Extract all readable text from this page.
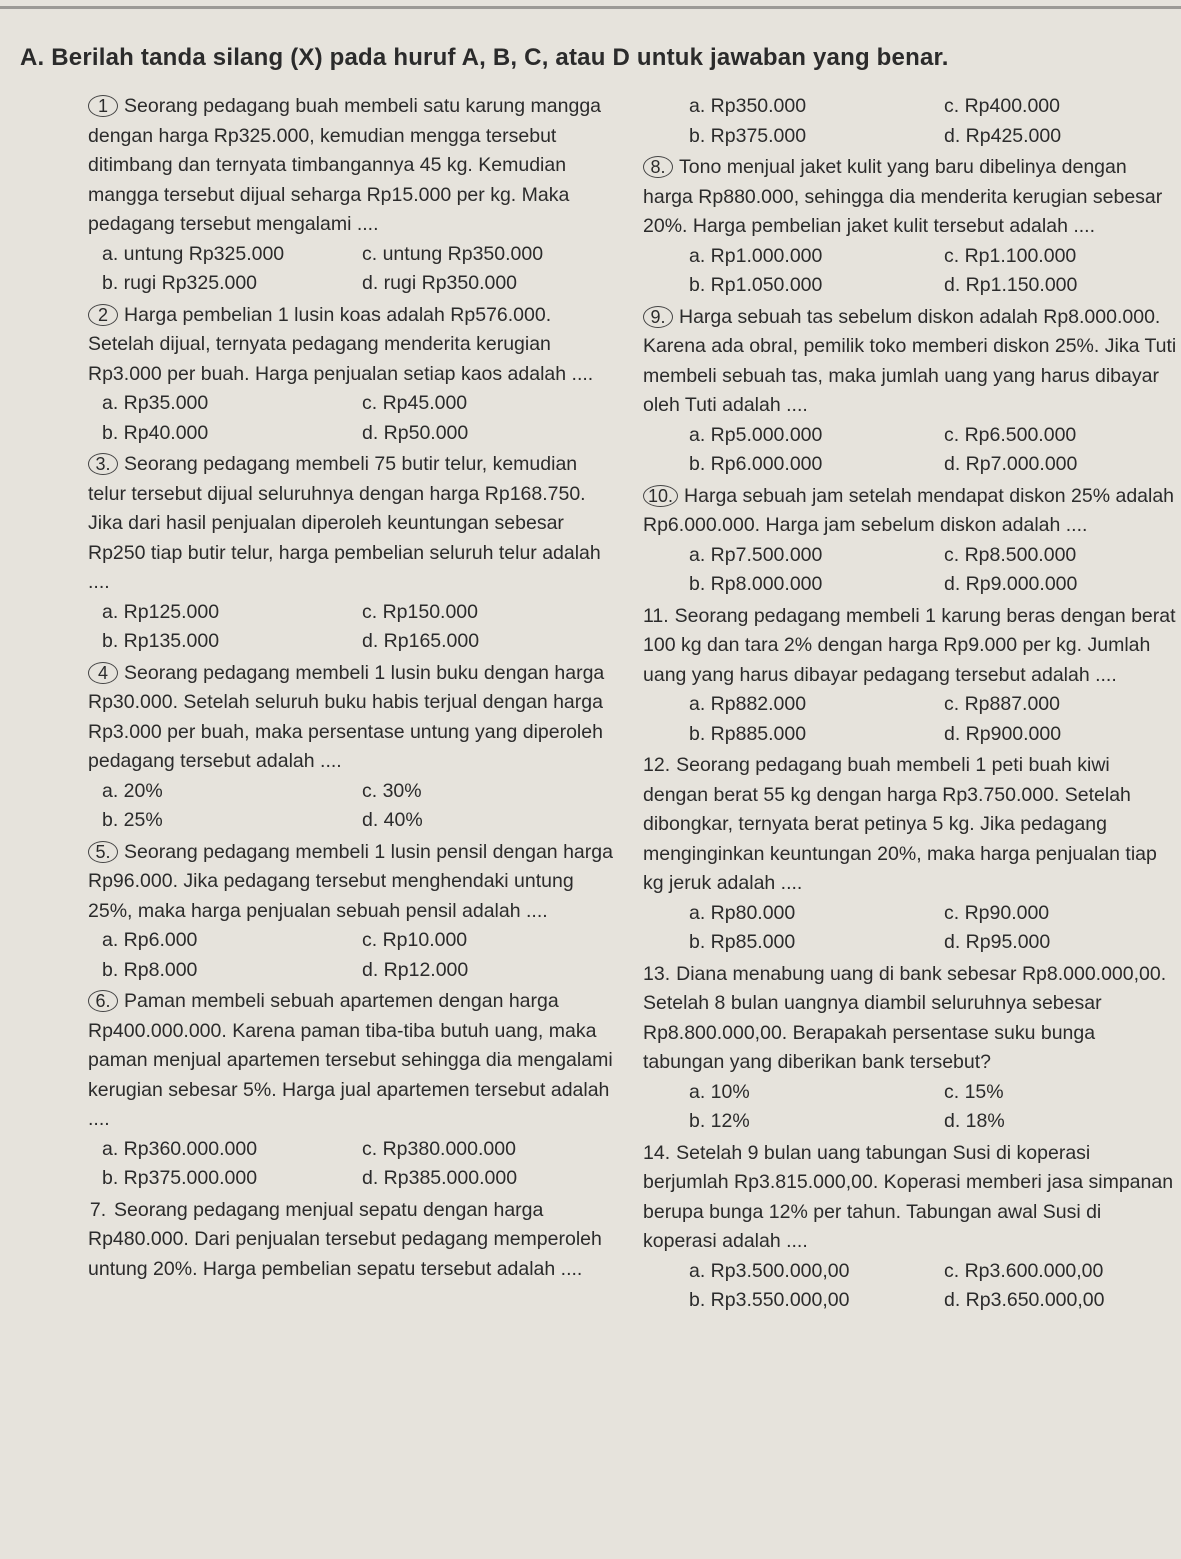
A. Berilah tanda silang (X) pada huruf A, B, C, atau D untuk jawaban yang benar.
1 Seorang pedagang buah membeli satu karung mangga dengan harga Rp325.000, kemudian mengga tersebut ditimbang dan ternyata timbangannya 45 kg. Kemudian mangga tersebut dijual seharga Rp15.000 per kg. Maka pedagang tersebut mengalami ....
a. untung Rp325.000	c. untung Rp350.000
b. rugi Rp325.000	d. rugi Rp350.000
2 Harga pembelian 1 lusin koas adalah Rp576.000. Setelah dijual, ternyata pedagang menderita kerugian Rp3.000 per buah. Harga penjualan setiap kaos adalah ....
a. Rp35.000	c. Rp45.000
b. Rp40.000	d. Rp50.000
3. Seorang pedagang membeli 75 butir telur, kemudian telur tersebut dijual seluruhnya dengan harga Rp168.750. Jika dari hasil penjualan diperoleh keuntungan sebesar Rp250 tiap butir telur, harga pembelian seluruh telur adalah ....
a. Rp125.000	c. Rp150.000
b. Rp135.000	d. Rp165.000
4 Seorang pedagang membeli 1 lusin buku dengan harga Rp30.000. Setelah seluruh buku habis terjual dengan harga Rp3.000 per buah, maka persentase untung yang diperoleh pedagang tersebut adalah ....
a. 20%	c. 30%
b. 25%	d. 40%
5. Seorang pedagang membeli 1 lusin pensil dengan harga Rp96.000. Jika pedagang tersebut menghendaki untung 25%, maka harga penjualan sebuah pensil adalah ....
a. Rp6.000	c. Rp10.000
b. Rp8.000	d. Rp12.000
6. Paman membeli sebuah apartemen dengan harga Rp400.000.000. Karena paman tiba-tiba butuh uang, maka paman menjual apartemen tersebut sehingga dia mengalami kerugian sebesar 5%. Harga jual apartemen tersebut adalah ....
a. Rp360.000.000	c. Rp380.000.000
b. Rp375.000.000	d. Rp385.000.000
7. Seorang pedagang menjual sepatu dengan harga Rp480.000. Dari penjualan tersebut pedagang memperoleh untung 20%. Harga pembelian sepatu tersebut adalah ....
a. Rp350.000	c. Rp400.000
b. Rp375.000	d. Rp425.000
8. Tono menjual jaket kulit yang baru dibelinya dengan harga Rp880.000, sehingga dia menderita kerugian sebesar 20%. Harga pembelian jaket kulit tersebut adalah ....
a. Rp1.000.000	c. Rp1.100.000
b. Rp1.050.000	d. Rp1.150.000
9. Harga sebuah tas sebelum diskon adalah Rp8.000.000. Karena ada obral, pemilik toko memberi diskon 25%. Jika Tuti membeli sebuah tas, maka jumlah uang yang harus dibayar oleh Tuti adalah ....
a. Rp5.000.000	c. Rp6.500.000
b. Rp6.000.000	d. Rp7.000.000
10. Harga sebuah jam setelah mendapat diskon 25% adalah Rp6.000.000. Harga jam sebelum diskon adalah ....
a. Rp7.500.000	c. Rp8.500.000
b. Rp8.000.000	d. Rp9.000.000
11. Seorang pedagang membeli 1 karung beras dengan berat 100 kg dan tara 2% dengan harga Rp9.000 per kg. Jumlah uang yang harus dibayar pedagang tersebut adalah ....
a. Rp882.000	c. Rp887.000
b. Rp885.000	d. Rp900.000
12. Seorang pedagang buah membeli 1 peti buah kiwi dengan berat 55 kg dengan harga Rp3.750.000. Setelah dibongkar, ternyata berat petinya 5 kg. Jika pedagang menginginkan keuntungan 20%, maka harga penjualan tiap kg jeruk adalah ....
a. Rp80.000	c. Rp90.000
b. Rp85.000	d. Rp95.000
13. Diana menabung uang di bank sebesar Rp8.000.000,00. Setelah 8 bulan uangnya diambil seluruhnya sebesar Rp8.800.000,00. Berapakah persentase suku bunga tabungan yang diberikan bank tersebut?
a. 10%	c. 15%
b. 12%	d. 18%
14. Setelah 9 bulan uang tabungan Susi di koperasi berjumlah Rp3.815.000,00. Koperasi memberi jasa simpanan berupa bunga 12% per tahun. Tabungan awal Susi di koperasi adalah ....
a. Rp3.500.000,00	c. Rp3.600.000,00
b. Rp3.550.000,00	d. Rp3.650.000,00
